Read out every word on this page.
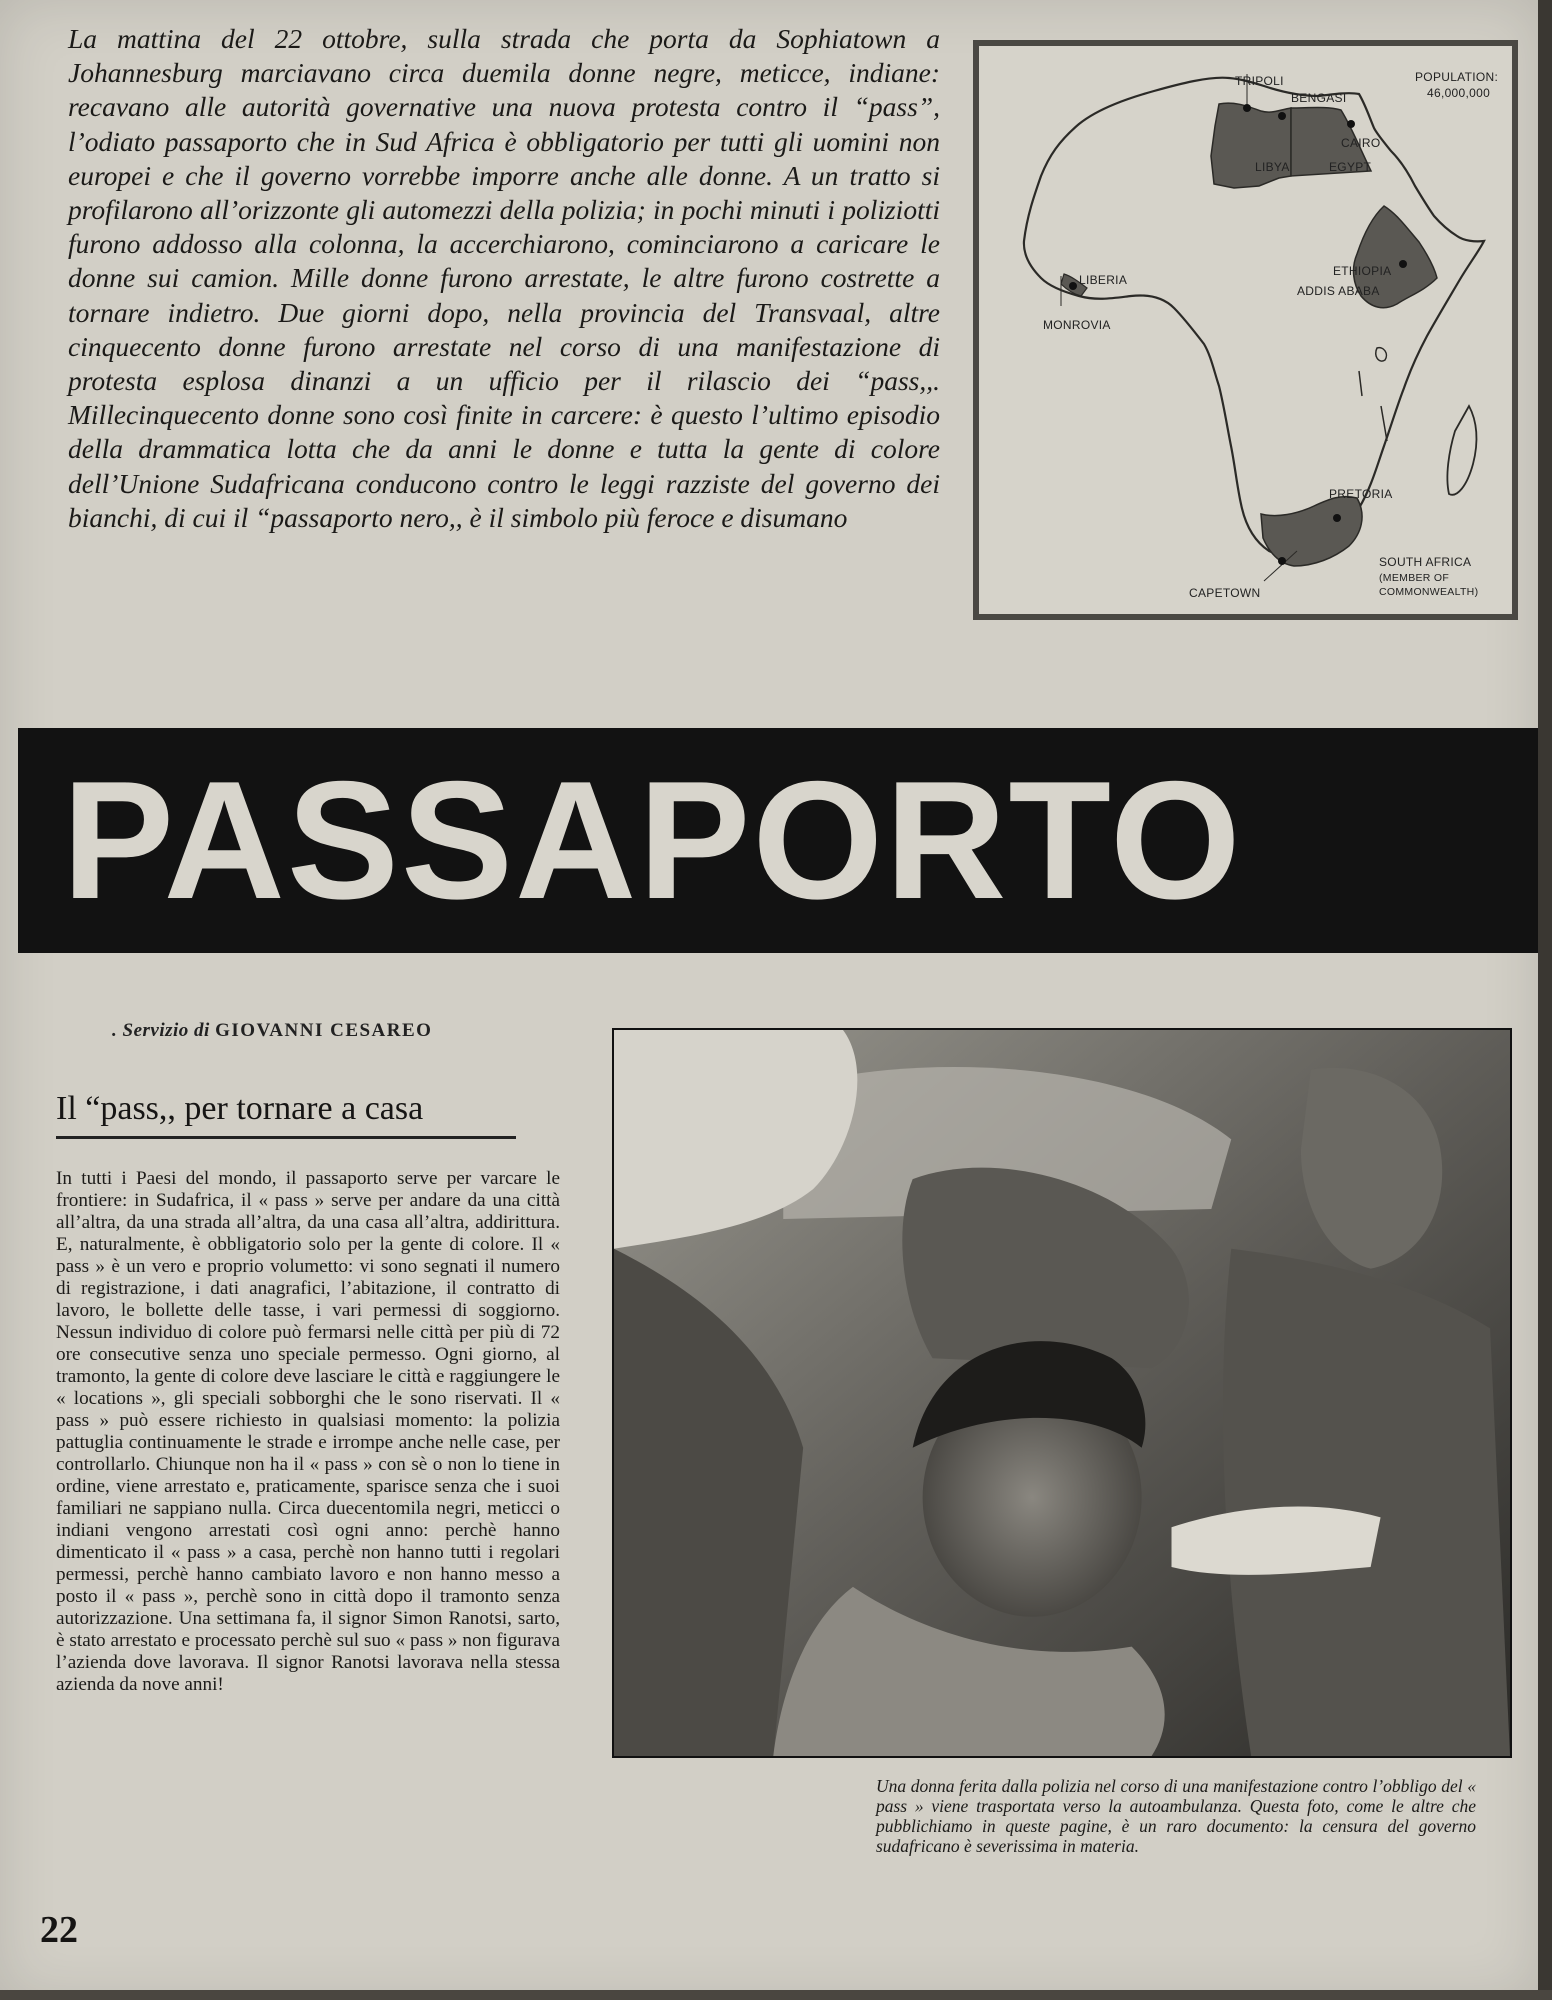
La mattina del 22 ottobre, sulla strada che porta da Sophiatown a Johannesburg marciavano circa duemila donne negre, meticce, indiane: recavano alle autorità governative una nuova protesta contro il “pass”, l’odiato passaporto che in Sud Africa è obbligatorio per tutti gli uomini non europei e che il governo vorrebbe imporre anche alle donne. A un tratto si profilarono all’orizzonte gli automezzi della polizia; in pochi minuti i poliziotti furono addosso alla colonna, la accerchiarono, cominciarono a caricare le donne sui camion. Mille donne furono arrestate, le altre furono costrette a tornare indietro. Due giorni dopo, nella provincia del Transvaal, altre cinquecento donne furono arrestate nel corso di una manifestazione di protesta esplosa dinanzi a un ufficio per il rilascio dei “pass,,. Millecinquecento donne sono così finite in carcere: è questo l’ultimo episodio della drammatica lotta che da anni le donne e tutta la gente di colore dell’Unione Sudafricana conducono contro le leggi razziste del governo dei bianchi, di cui il “passaporto nero,, è il simbolo più feroce e disumano
POPULATION:
46,000,000
TRIPOLI
BENGASI
CAIRO
LIBYA	EGYPT
ETHIOPIA
ADDIS ABABA
LIBERIA
MONROVIA
PRETORIA
SOUTH AFRICA
(MEMBER OF
COMMONWEALTH)
CAPETOWN
PASSAPORTO
. Servizio di GIOVANNI CESAREO
Il “pass,, per tornare a casa
In tutti i Paesi del mondo, il passaporto serve per varcare le frontiere: in Sudafrica, il « pass » serve per andare da una città all’altra, da una strada all’altra, da una casa all’altra, addirittura. E, naturalmente, è obbligatorio solo per la gente di colore. Il « pass » è un vero e proprio volumetto: vi sono segnati il numero di registrazione, i dati anagrafici, l’abitazione, il contratto di lavoro, le bollette delle tasse, i vari permessi di soggiorno. Nessun individuo di colore può fermarsi nelle città per più di 72 ore consecutive senza uno speciale permesso. Ogni giorno, al tramonto, la gente di colore deve lasciare le città e raggiungere le « locations », gli speciali sobborghi che le sono riservati. Il « pass » può essere richiesto in qualsiasi momento: la polizia pattuglia continuamente le strade e irrompe anche nelle case, per controllarlo. Chiunque non ha il « pass » con sè o non lo tiene in ordine, viene arrestato e, praticamente, sparisce senza che i suoi familiari ne sappiano nulla. Circa duecentomila negri, meticci o indiani vengono arrestati così ogni anno: perchè hanno dimenticato il « pass » a casa, perchè non hanno tutti i regolari permessi, perchè hanno cambiato lavoro e non hanno messo a posto il « pass », perchè sono in città dopo il tramonto senza autorizzazione. Una settimana fa, il signor Simon Ranotsi, sarto, è stato arrestato e processato perchè sul suo « pass » non figurava l’azienda dove lavorava. Il signor Ranotsi lavorava nella stessa azienda da nove anni!
Una donna ferita dalla polizia nel corso di una manifestazione contro l’obbligo del « pass » viene trasportata verso la autoambulanza. Questa foto, come le altre che pubblichiamo in queste pagine, è un raro documento: la censura del governo sudafricano è severissima in materia.
22
